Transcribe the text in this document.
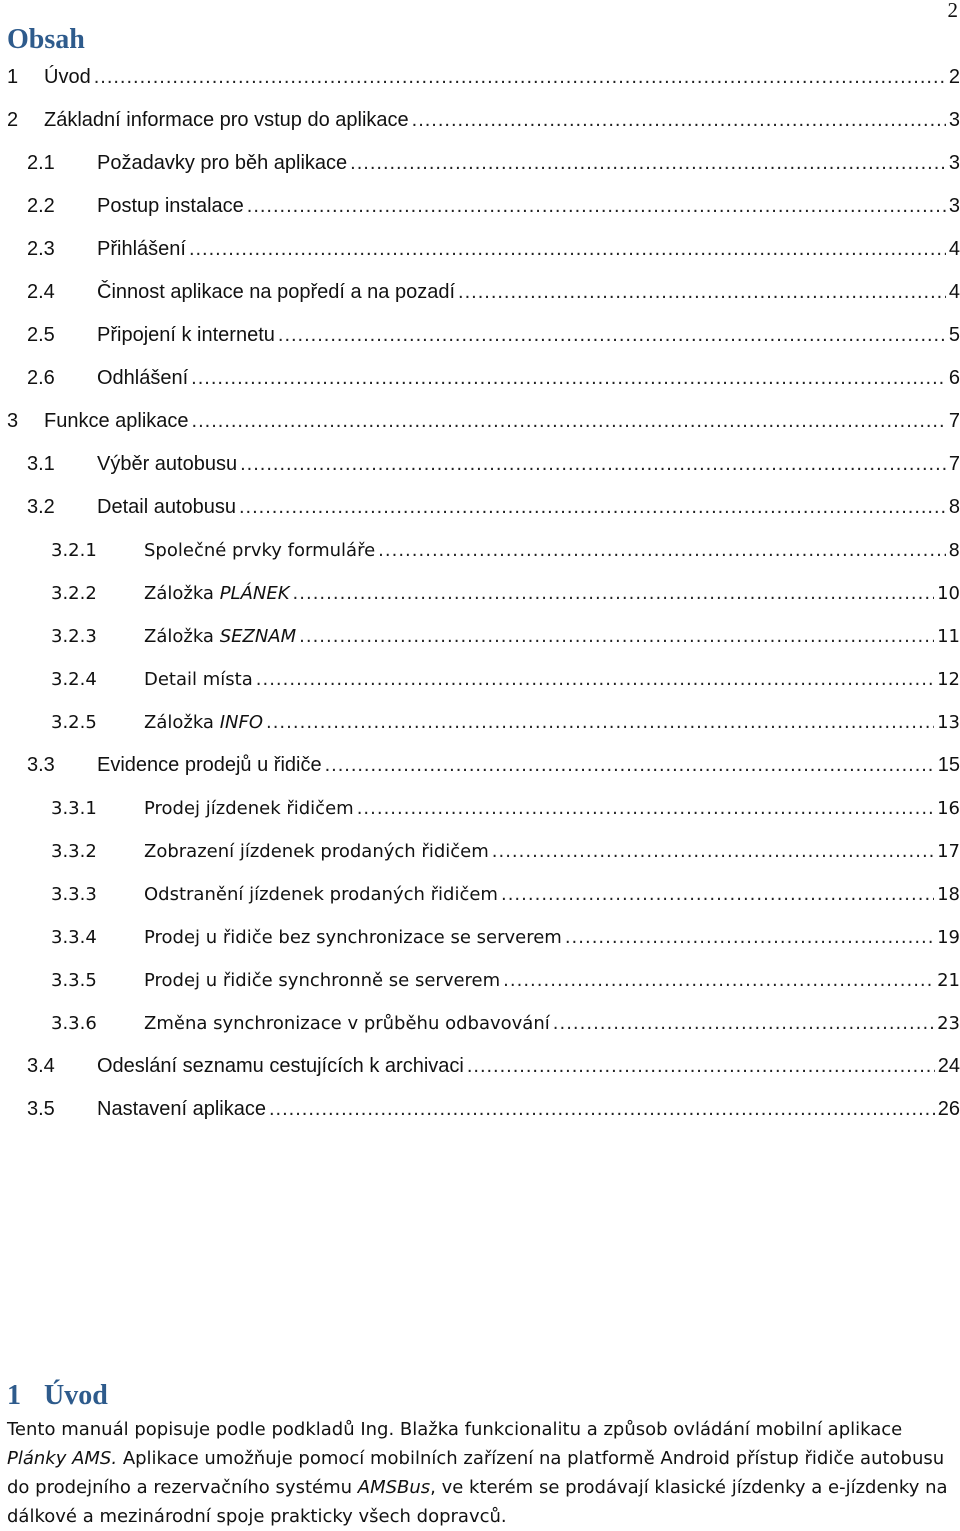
2
Obsah
1	Úvod .....	2
2	Základní informace pro vstup do aplikace .....	3
2.1	Požadavky pro běh aplikace .....	3
2.2	Postup instalace .....	3
2.3	Přihlášení .....	4
2.4	Činnost aplikace na popředí a na pozadí .....	4
2.5	Připojení k internetu .....	5
2.6	Odhlášení .....	6
3	Funkce aplikace .....	7
3.1	Výběr autobusu .....	7
3.2	Detail autobusu .....	8
3.2.1	Společné prvky formuláře .....	8
3.2.2	Záložka PLÁNEK .....	10
3.2.3	Záložka SEZNAM .....	11
3.2.4	Detail místa .....	12
3.2.5	Záložka INFO .....	13
3.3	Evidence prodejů u řidiče .....	15
3.3.1	Prodej jízdenek řidičem .....	16
3.3.2	Zobrazení jízdenek prodaných řidičem .....	17
3.3.3	Odstranění jízdenek prodaných řidičem .....	18
3.3.4	Prodej u řidiče bez synchronizace se serverem .....	19
3.3.5	Prodej u řidiče synchronně se serverem .....	21
3.3.6	Změna synchronizace v průběhu odbavování .....	23
3.4	Odeslání seznamu cestujících k archivaci .....	24
3.5	Nastavení aplikace .....	26
1 Úvod

Tento manuál popisuje podle podkladů Ing. Blažka funkcionalitu a způsob ovládání mobilní aplikace Plánky AMS. Aplikace umožňuje pomocí mobilních zařízení na platformě Android přístup řidiče autobusu do prodejního a rezervačního systému AMSBus, ve kterém se prodávají klasické jízdenky a e-jízdenky na dálkové a mezinárodní spoje prakticky všech dopravců.
